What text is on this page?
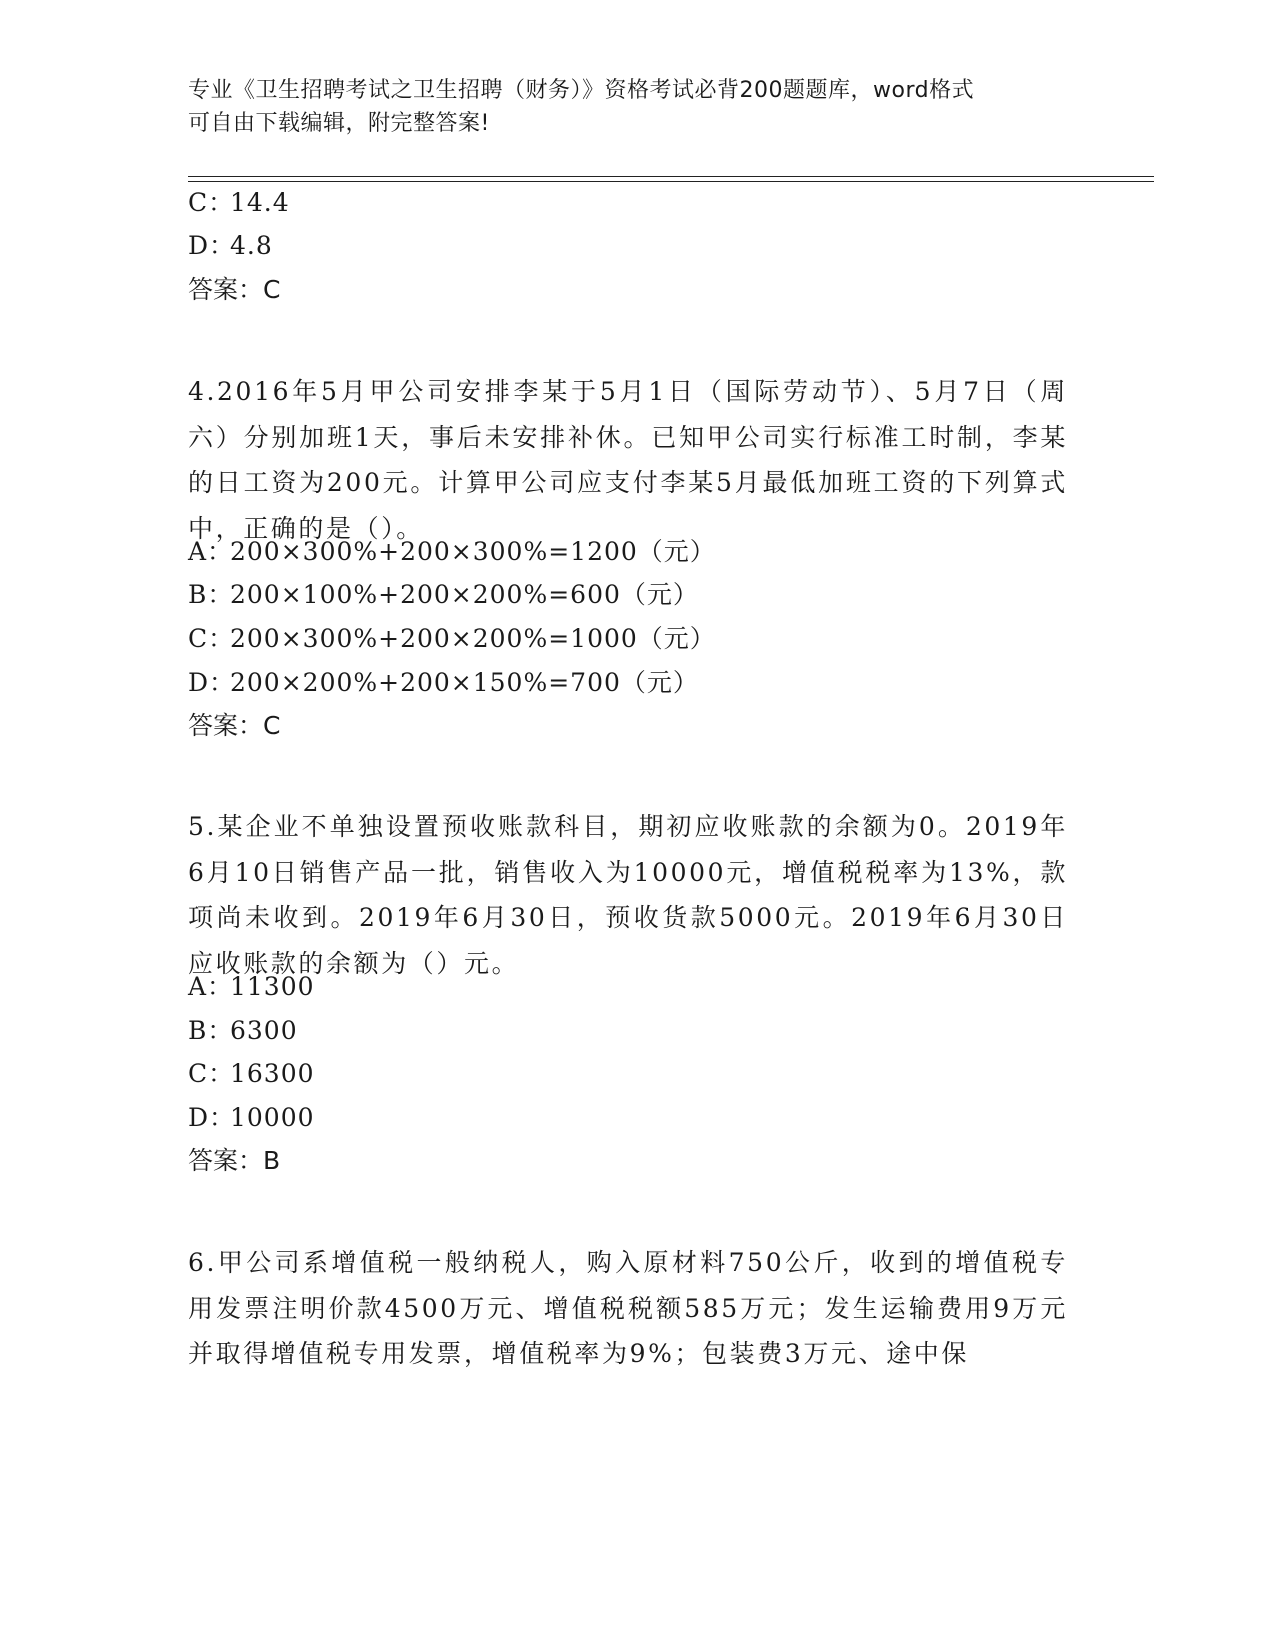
专业《卫生招聘考试之卫生招聘（财务）》资格考试必背200题题库，word格式
可自由下载编辑，附完整答案!
C：14.4
D：4.8
答案：C
4.2016年5月甲公司安排李某于5月1日（国际劳动节）、5月7日（周六）分别加班1天，事后未安排补休。已知甲公司实行标准工时制，李某的日工资为200元。计算甲公司应支付李某5月最低加班工资的下列算式中，正确的是（）。
A：200×300%+200×300%=1200（元）
B：200×100%+200×200%=600（元）
C：200×300%+200×200%=1000（元）
D：200×200%+200×150%=700（元）
答案：C
5.某企业不单独设置预收账款科目，期初应收账款的余额为0。2019年6月10日销售产品一批，销售收入为10000元，增值税税率为13%，款项尚未收到。2019年6月30日，预收货款5000元。2019年6月30日应收账款的余额为（）元。
A：11300
B：6300
C：16300
D：10000
答案：B
6.甲公司系增值税一般纳税人，购入原材料750公斤，收到的增值税专用发票注明价款4500万元、增值税税额585万元；发生运输费用9万元并取得增值税专用发票，增值税率为9%；包装费3万元、途中保
